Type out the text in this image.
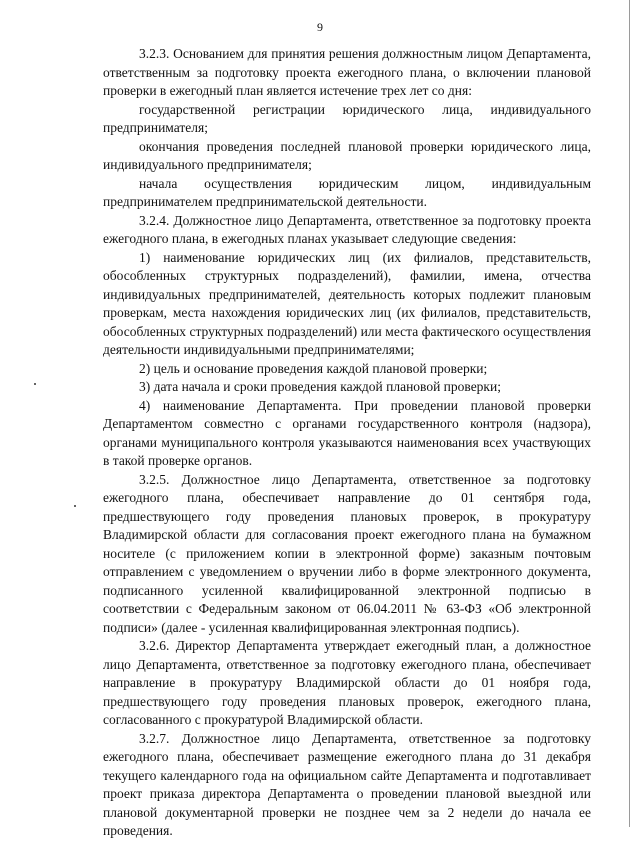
9

3.2.3. Основанием для принятия решения должностным лицом Департамента, ответственным за подготовку проекта ежегодного плана, о включении плановой проверки в ежегодный план является истечение трех лет со дня:

государственной регистрации юридического лица, индивидуального предпринимателя;

окончания проведения последней плановой проверки юридического лица, индивидуального предпринимателя;

начала осуществления юридическим лицом, индивидуальным предпринимателем предпринимательской деятельности.

3.2.4. Должностное лицо Департамента, ответственное за подготовку проекта ежегодного плана, в ежегодных планах указывает следующие сведения:

1) наименование юридических лиц (их филиалов, представительств, обособленных структурных подразделений), фамилии, имена, отчества индивидуальных предпринимателей, деятельность которых подлежит плановым проверкам, места нахождения юридических лиц (их филиалов, представительств, обособленных структурных подразделений) или места фактического осуществления деятельности индивидуальными предпринимателями;

2) цель и основание проведения каждой плановой проверки;

3) дата начала и сроки проведения каждой плановой проверки;

4) наименование Департамента. При проведении плановой проверки Департаментом совместно с органами государственного контроля (надзора), органами муниципального контроля указываются наименования всех участвующих в такой проверке органов.

3.2.5. Должностное лицо Департамента, ответственное за подготовку ежегодного плана, обеспечивает направление до 01 сентября года, предшествующего году проведения плановых проверок, в прокуратуру Владимирской области для согласования проект ежегодного плана на бумажном носителе (с приложением копии в электронной форме) заказным почтовым отправлением с уведомлением о вручении либо в форме электронного документа, подписанного усиленной квалифицированной электронной подписью в соответствии с Федеральным законом от 06.04.2011 № 63-ФЗ «Об электронной подписи» (далее - усиленная квалифицированная электронная подпись).

3.2.6. Директор Департамента утверждает ежегодный план, а должностное лицо Департамента, ответственное за подготовку ежегодного плана, обеспечивает направление в прокуратуру Владимирской области до 01 ноября года, предшествующего году проведения плановых проверок, ежегодного плана, согласованного с прокуратурой Владимирской области.

3.2.7. Должностное лицо Департамента, ответственное за подготовку ежегодного плана, обеспечивает размещение ежегодного плана до 31 декабря текущего календарного года на официальном сайте Департамента и подготавливает проект приказа директора Департамента о проведении плановой выездной или плановой документарной проверки не позднее чем за 2 недели до начала ее проведения.
